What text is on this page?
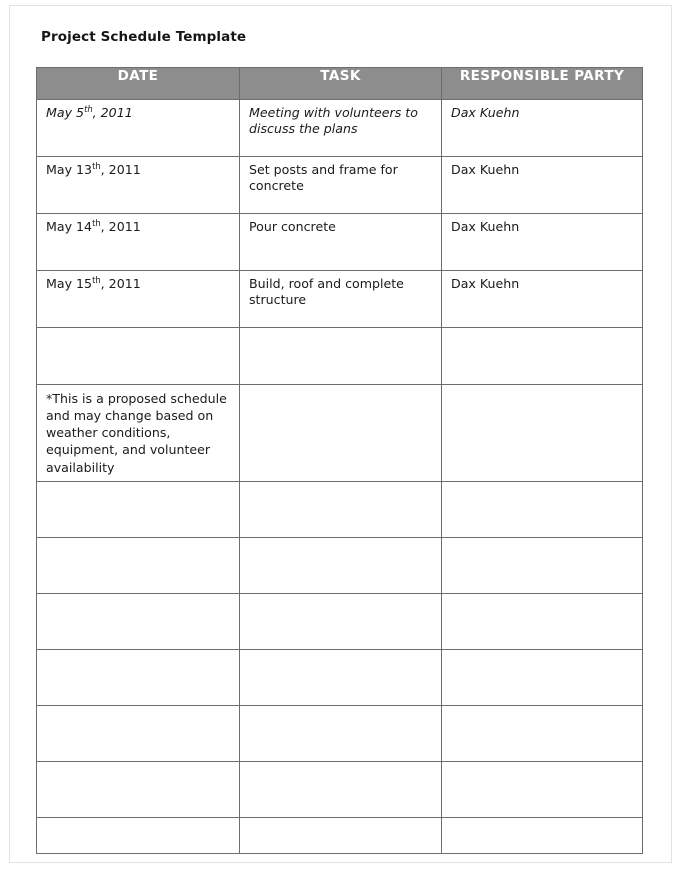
Project Schedule Template
DATE	TASK	RESPONSIBLE PARTY

May 5th, 2011	Meeting with volunteers to discuss the plans	Dax Kuehn

May 13th, 2011	Set posts and frame for concrete	Dax Kuehn

May 14th, 2011	Pour concrete	Dax Kuehn

May 15th, 2011	Build, roof and complete structure	Dax Kuehn

*This is a proposed schedule and may change based on weather conditions, equipment, and volunteer availability		
